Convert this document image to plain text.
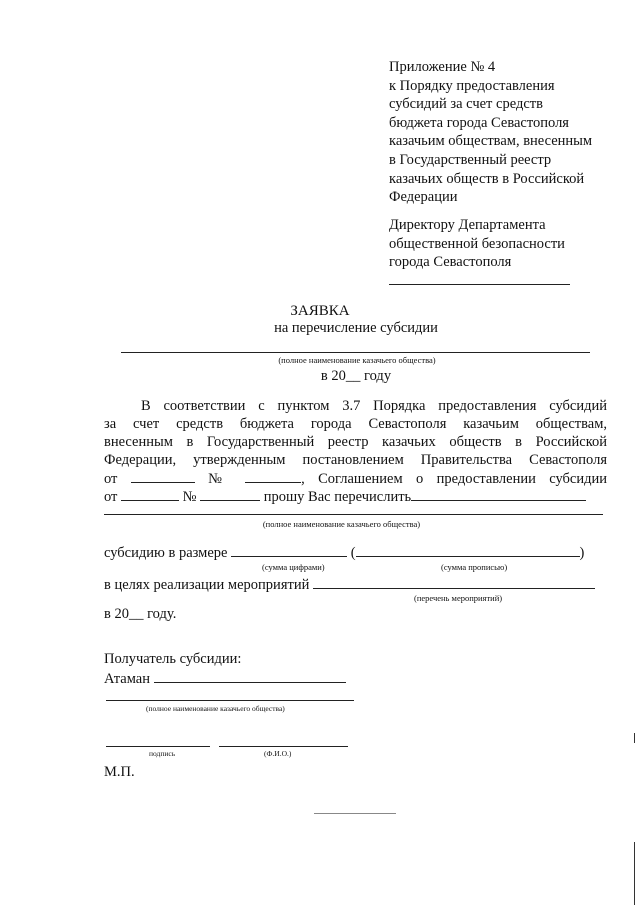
Приложение № 4
к Порядку предоставления
субсидий за счет средств
бюджета города Севастополя
казачьим обществам, внесенным
в Государственный реестр
казачьих обществ в Российской
Федерации
Директору Департамента
общественной безопасности
города Севастополя
ЗАЯВКА
на перечисление субсидии
(полное наименование казачьего общества)
в 20__ году
В соответствии с пунктом 3.7 Порядка предоставления субсидий
за счет средств бюджета города Севастополя казачьим обществам,
внесенным в Государственный реестр казачьих обществ в Российской
Федерации, утвержденным постановлением Правительства Севастополя
от	№	, Соглашением о предоставлении субсидии
от	№	прошу Вас перечислить
(полное наименование казачьего общества)
субсидию в размере	(	)
(сумма цифрами)	(сумма прописью)
в целях реализации мероприятий
(перечень мероприятий)
в 20__ году.
Получатель субсидии:
Атаман
(полное наименование казачьего общества)
подпись	(Ф.И.О.)
М.П.
